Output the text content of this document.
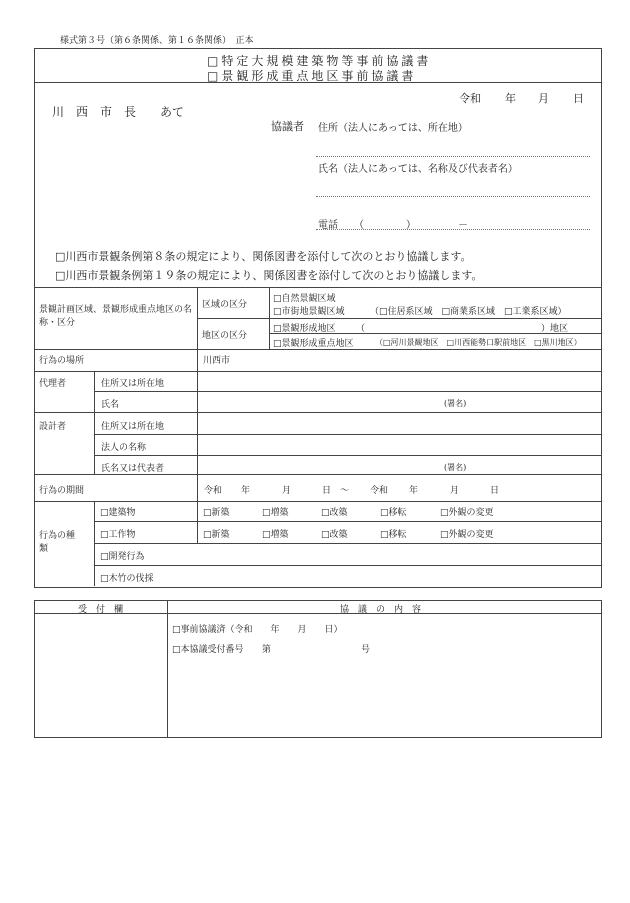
様式第３号（第６条関係、第１６条関係）　正本
□特定大規模建築物等事前協議書
□景観形成重点地区事前協議書
令和 年 月 日
川　西　市　長 あて
協議者 住所（法人にあっては、所在地）
氏名（法人にあっては、名称及び代表者名）
電話 （	）	－
□川西市景観条例第８条の規定により、関係図書を添付して次のとおり協議します。
□川西市景観条例第１９条の規定により、関係図書を添付して次のとおり協議します。
景観計画区域、景観形成重点地区の名称・区分
区域の区分
□自然景観区域
□市街地景観区域	（□住居系区域　□商業系区域　□工業系区域）
地区の区分
□景観形成地区 （	）地区
□景観形成重点地区	（□河川景観地区　□川西能勢口駅前地区　□黒川地区）
行為の場所	川西市
代理者	住所又は所在地
氏名	(署名)
設計者	住所又は所在地
法人の名称
氏名又は代表者	(署名)
行為の期間	令和 年	月	日 ～ 令和 年	月	日
行為の種類
□建築物	□新築	□増築	□改築	□移転	□外観の変更
□工作物	□新築	□増築	□改築	□移転	□外観の変更
□開発行為
□木竹の伐採
受　付　欄	協　議　の　内　容
□事前協議済（令和　　年　　月　　日）
□本協議受付番号 第	号
